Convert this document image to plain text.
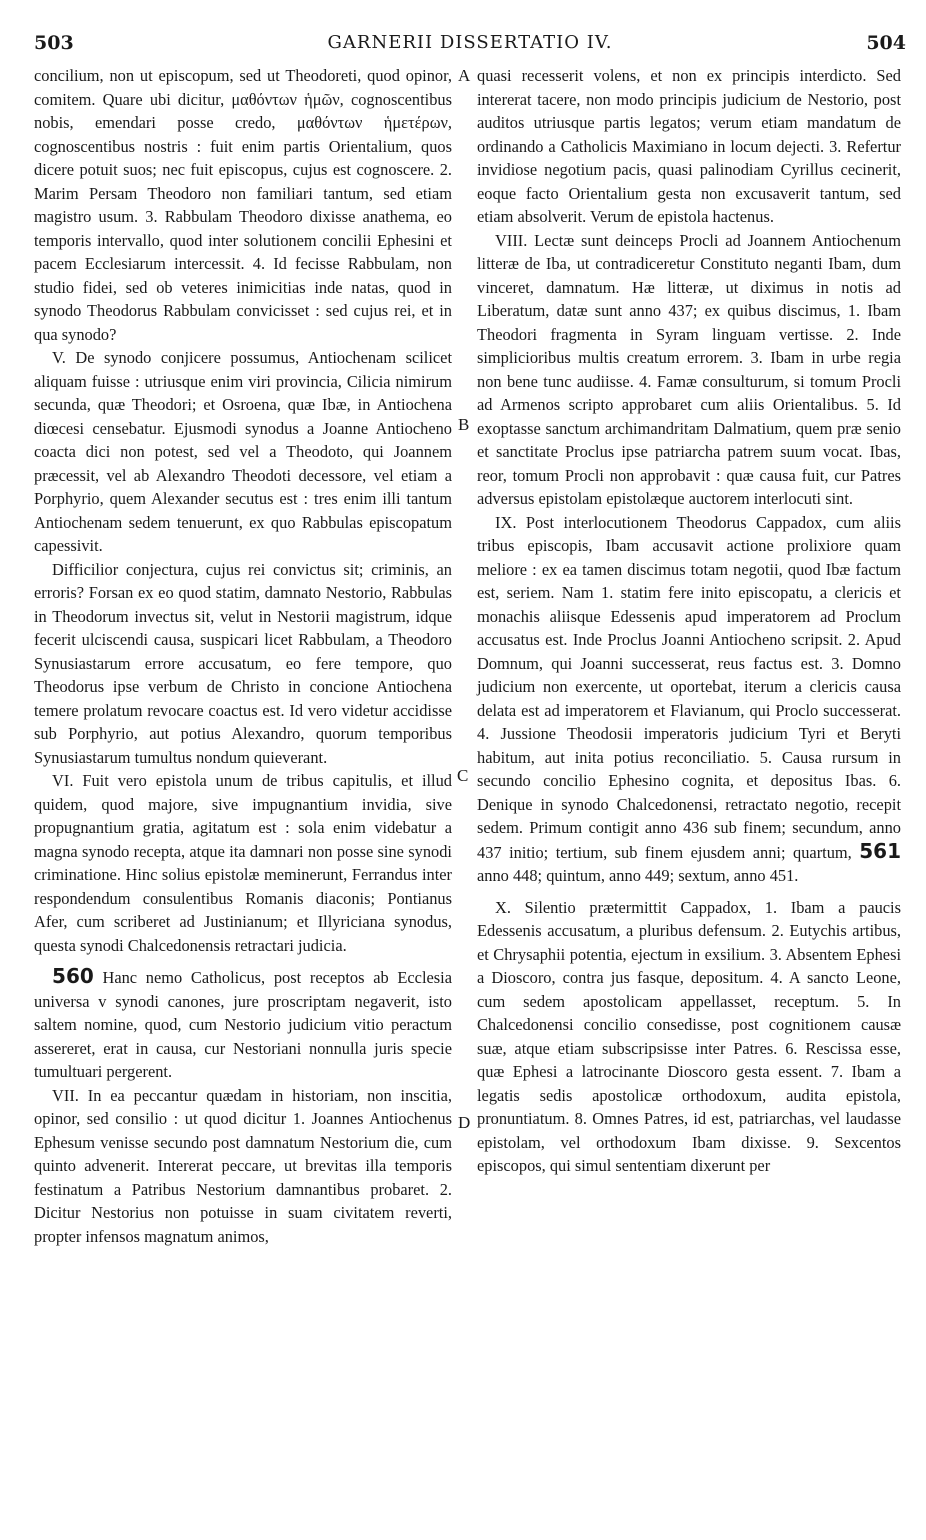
503	GARNERII DISSERTATIO IV.	504

concilium, non ut episcopum, sed ut Theodoreti, quod opinor, comitem. Quare ubi dicitur, μαθόντων ἡμῶν, cognoscentibus nobis, emendari posse credo, μαθόντων ἡμετέρων, cognoscentibus nostris : fuit enim partis Orientalium, quos dicere potuit suos; nec fuit episcopus, cujus est cognoscere. 2. Marim Persam Theodoro non familiari tantum, sed etiam magistro usum. 3. Rabbulam Theodoro dixisse anathema, eo temporis intervallo, quod inter solutionem concilii Ephesini et pacem Ecclesiarum intercessit. 4. Id fecisse Rabbulam, non studio fidei, sed ob veteres inimicitias inde natas, quod in synodo Theodorus Rabbulam convicisset : sed cujus rei, et in qua synodo?

V. De synodo conjicere possumus, Antiochenam scilicet aliquam fuisse : utriusque enim viri provincia, Cilicia nimirum secunda, quæ Theodori; et Osroena, quæ Ibæ, in Antiochena diœcesi censebatur. Ejusmodi synodus a Joanne Antiocheno coacta dici non potest, sed vel a Theodoto, qui Joannem præcessit, vel ab Alexandro Theodoti decessore, vel etiam a Porphyrio, quem Alexander secutus est : tres enim illi tantum Antiochenam sedem tenuerunt, ex quo Rabbulas episcopatum capessivit.

Difficilior conjectura, cujus rei convictus sit; criminis, an erroris? Forsan ex eo quod statim, damnato Nestorio, Rabbulas in Theodorum invectus sit, velut in Nestorii magistrum, idque fecerit ulciscendi causa, suspicari licet Rabbulam, a Theodoro Synusiastarum errore accusatum, eo fere tempore, quo Theodorus ipse verbum de Christo in concione Antiochena temere prolatum revocare coactus est. Id vero videtur accidisse sub Porphyrio, aut potius Alexandro, quorum temporibus Synusiastarum tumultus nondum quieverant.

VI. Fuit vero epistola unum de tribus capitulis, et illud quidem, quod majore, sive impugnantium invidia, sive propugnantium gratia, agitatum est : sola enim videbatur a magna synodo recepta, atque ita damnari non posse sine synodi criminatione. Hinc solius epistolæ meminerunt, Ferrandus inter respondendum consulentibus Romanis diaconis; Pontianus Afer, cum scriberet ad Justinianum; et Illyriciana synodus, questa synodi Chalcedonensis retractari judicia.

560 Hanc nemo Catholicus, post receptos ab Ecclesia universa v synodi canones, jure proscriptam negaverit, isto saltem nomine, quod, cum Nestorio judicium vitio peractum assereret, erat in causa, cur Nestoriani nonnulla juris specie tumultuari pergerent.

VII. In ea peccantur quædam in historiam, non inscitia, opinor, sed consilio : ut quod dicitur 1. Joannes Antiochenus Ephesum venisse secundo post damnatum Nestorium die, cum quinto advenerit. Intererat peccare, ut brevitas illa temporis festinatum a Patribus Nestorium damnantibus probaret. 2. Dicitur Nestorius non potuisse in suam civitatem reverti, propter infensos magnatum animos,

quasi recesserit volens, et non ex principis interdicto. Sed intererat tacere, non modo principis judicium de Nestorio, post auditos utriusque partis legatos; verum etiam mandatum de ordinando a Catholicis Maximiano in locum dejecti. 3. Refertur invidiose negotium pacis, quasi palinodiam Cyrillus cecinerit, eoque facto Orientalium gesta non excusaverit tantum, sed etiam absolverit. Verum de epistola hactenus.

VIII. Lectæ sunt deinceps Procli ad Joannem Antiochenum litteræ de Iba, ut contradiceretur Constituto neganti Ibam, dum vinceret, damnatum. Hæ litteræ, ut diximus in notis ad Liberatum, datæ sunt anno 437; ex quibus discimus, 1. Ibam Theodori fragmenta in Syram linguam vertisse. 2. Inde simplicioribus multis creatum errorem. 3. Ibam in urbe regia non bene tunc audiisse. 4. Famæ consulturum, si tomum Procli ad Armenos scripto approbaret cum aliis Orientalibus. 5. Id exoptasse sanctum archimandritam Dalmatium, quem præ senio et sanctitate Proclus ipse patriarcha patrem suum vocat. Ibas, reor, tomum Procli non approbavit : quæ causa fuit, cur Patres adversus epistolam epistolæque auctorem interlocuti sint.

IX. Post interlocutionem Theodorus Cappadox, cum aliis tribus episcopis, Ibam accusavit actione prolixiore quam meliore : ex ea tamen discimus totam negotii, quod Ibæ factum est, seriem. Nam 1. statim fere inito episcopatu, a clericis et monachis aliisque Edessenis apud imperatorem ad Proclum accusatus est. Inde Proclus Joanni Antiocheno scripsit. 2. Apud Domnum, qui Joanni successerat, reus factus est. 3. Domno judicium non exercente, ut oportebat, iterum a clericis causa delata est ad imperatorem et Flavianum, qui Proclo successerat. 4. Jussione Theodosii imperatoris judicium Tyri et Beryti habitum, aut inita potius reconciliatio. 5. Causa rursum in secundo concilio Ephesino cognita, et depositus Ibas. 6. Denique in synodo Chalcedonensi, retractato negotio, recepit sedem. Primum contigit anno 436 sub finem; secundum, anno 437 initio; tertium, sub finem ejusdem anni; quartum, 561 anno 448; quintum, anno 449; sextum, anno 451.

X. Silentio prætermittit Cappadox, 1. Ibam a paucis Edessenis accusatum, a pluribus defensum. 2. Eutychis artibus, et Chrysaphii potentia, ejectum in exsilium. 3. Absentem Ephesi a Dioscoro, contra jus fasque, depositum. 4. A sancto Leone, cum sedem apostolicam appellasset, receptum. 5. In Chalcedonensi concilio consedisse, post cognitionem causæ suæ, atque etiam subscripsisse inter Patres. 6. Rescissa esse, quæ Ephesi a latrocinante Dioscoro gesta essent. 7. Ibam a legatis sedis apostolicæ orthodoxum, audita epistola, pronuntiatum. 8. Omnes Patres, id est, patriarchas, vel laudasse epistolam, vel orthodoxum Ibam dixisse. 9. Sexcentos episcopos, qui simul sententiam dixerunt per

A
B
C
D
